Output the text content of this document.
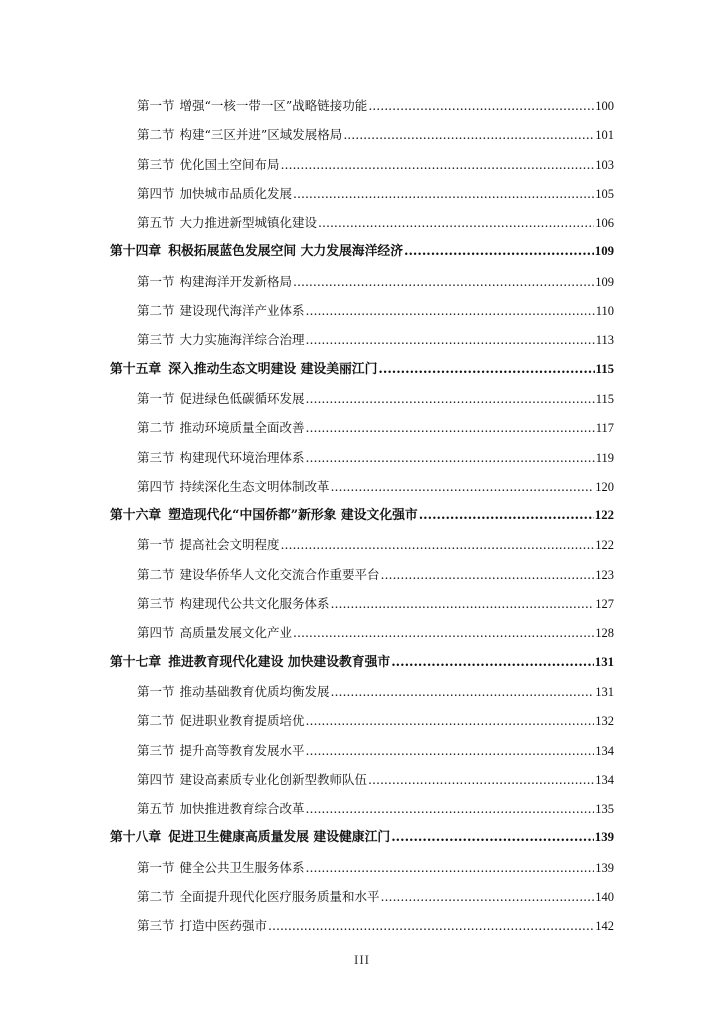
第一节 增强“一核一带一区”战略链接功能 .....	100
第二节 构建“三区并进”区域发展格局 .....	101
第三节 优化国土空间布局 .....	103
第四节 加快城市品质化发展 .....	105
第五节 大力推进新型城镇化建设 .....	106
第十四章 积极拓展蓝色发展空间 大力发展海洋经济 .....	109
第一节 构建海洋开发新格局 .....	109
第二节 建设现代海洋产业体系 .....	110
第三节 大力实施海洋综合治理 .....	113
第十五章 深入推动生态文明建设 建设美丽江门 .....	115
第一节 促进绿色低碳循环发展 .....	115
第二节 推动环境质量全面改善 .....	117
第三节 构建现代环境治理体系 .....	119
第四节 持续深化生态文明体制改革 .....	120
第十六章 塑造现代化“中国侨都”新形象 建设文化强市 .....	122
第一节 提高社会文明程度 .....	122
第二节 建设华侨华人文化交流合作重要平台 .....	123
第三节 构建现代公共文化服务体系 .....	127
第四节 高质量发展文化产业 .....	128
第十七章 推进教育现代化建设 加快建设教育强市 .....	131
第一节 推动基础教育优质均衡发展 .....	131
第二节 促进职业教育提质培优 .....	132
第三节 提升高等教育发展水平 .....	134
第四节 建设高素质专业化创新型教师队伍 .....	134
第五节 加快推进教育综合改革 .....	135
第十八章 促进卫生健康高质量发展 建设健康江门 .....	139
第一节 健全公共卫生服务体系 .....	139
第二节 全面提升现代化医疗服务质量和水平 .....	140
第三节 打造中医药强市 .....	142
III
